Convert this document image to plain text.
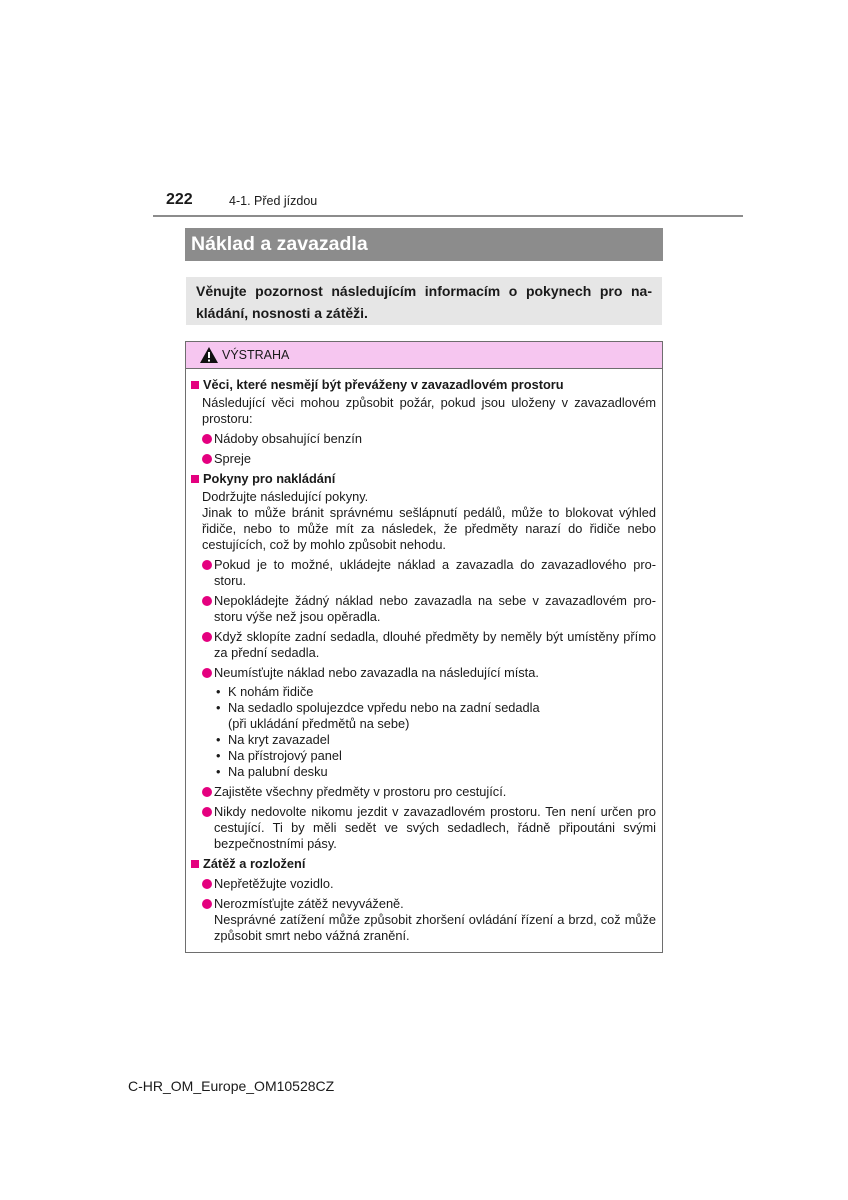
222	4-1. Před jízdou
Náklad a zavazadla
Věnujte pozornost následujícím informacím o pokynech pro na-kládání, nosnosti a zátěži.
VÝSTRAHA
Věci, které nesmějí být převáženy v zavazadlovém prostoru

Následující věci mohou způsobit požár, pokud jsou uloženy v zavazadlovém prostoru:

Nádoby obsahující benzín

Spreje

Pokyny pro nakládání

Dodržujte následující pokyny.

Jinak to může bránit správnému sešlápnutí pedálů, může to blokovat výhled řidiče, nebo to může mít za následek, že předměty narazí do řidiče nebo cestujících, což by mohlo způsobit nehodu.

Pokud je to možné, ukládejte náklad a zavazadla do zavazadlového pro-storu.

Nepokládejte žádný náklad nebo zavazadla na sebe v zavazadlovém pro-storu výše než jsou opěradla.

Když sklopíte zadní sedadla, dlouhé předměty by neměly být umístěny přímo za přední sedadla.

Neumísťujte náklad nebo zavazadla na následující místa.

• K nohám řidiče
• Na sedadlo spolujezdce vpředu nebo na zadní sedadla
(při ukládání předmětů na sebe)
• Na kryt zavazadel
• Na přístrojový panel
• Na palubní desku

Zajistěte všechny předměty v prostoru pro cestující.

Nikdy nedovolte nikomu jezdit v zavazadlovém prostoru. Ten není určen pro cestující. Ti by měli sedět ve svých sedadlech, řádně připoutáni svými bezpečnostními pásy.

Zátěž a rozložení

Nepřetěžujte vozidlo.

Nerozmísťujte zátěž nevyváženě.

Nesprávné zatížení může způsobit zhoršení ovládání řízení a brzd, což může způsobit smrt nebo vážná zranění.

C-HR_OM_Europe_OM10528CZ
